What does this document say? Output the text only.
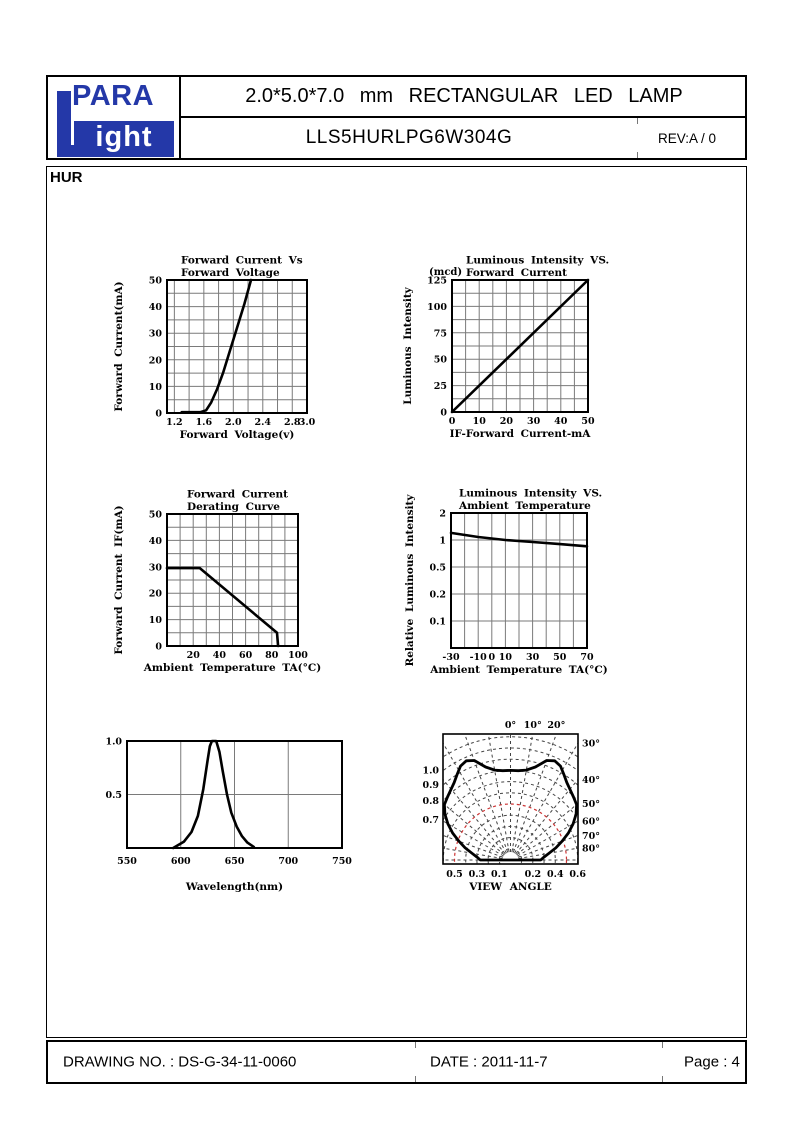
PARA
ight
2.0*5.0*7.0 mm RECTANGULAR LED LAMP
LLS5HURLPG6W304G	REV:A / 0
HUR
0
10
20
30
40
50
1.2 1.6 2.0 2.4 2.8
3.0
Forward Current Vs
Forward Voltage
Forward Voltage(v)
Forward Current(mA)
0
25
50
75
100
125
0 10 20 30 40 50
Luminous Intensity VS.
Forward Current
(mcd)
IF-Forward Current-mA
Luminous Intensity
0
10
20
30
40
50
20 40 60 80 100
Forward Current
Derating Curve
Ambient Temperature TA(°C)
Forward Current IF(mA)	2
1
0.5
0.2
0.1
-30 -10 0 10 30 50 70
Luminous Intensity VS.
Ambient Temperature
Ambient Temperature TA(°C)
Relative Luminous Intensity
1.0
0.5
550	600	650	700	750
Wavelength(nm)
0° 10° 20°
30°
40°
50°
60°
70°
80°
1.0
0.9
0.8
0.7
0.5 0.3 0.1 0.2 0.4 0.6
VIEW ANGLE
DRAWING NO. : DS-G-34-11-0060	DATE : 2011-11-7	Page : 4
